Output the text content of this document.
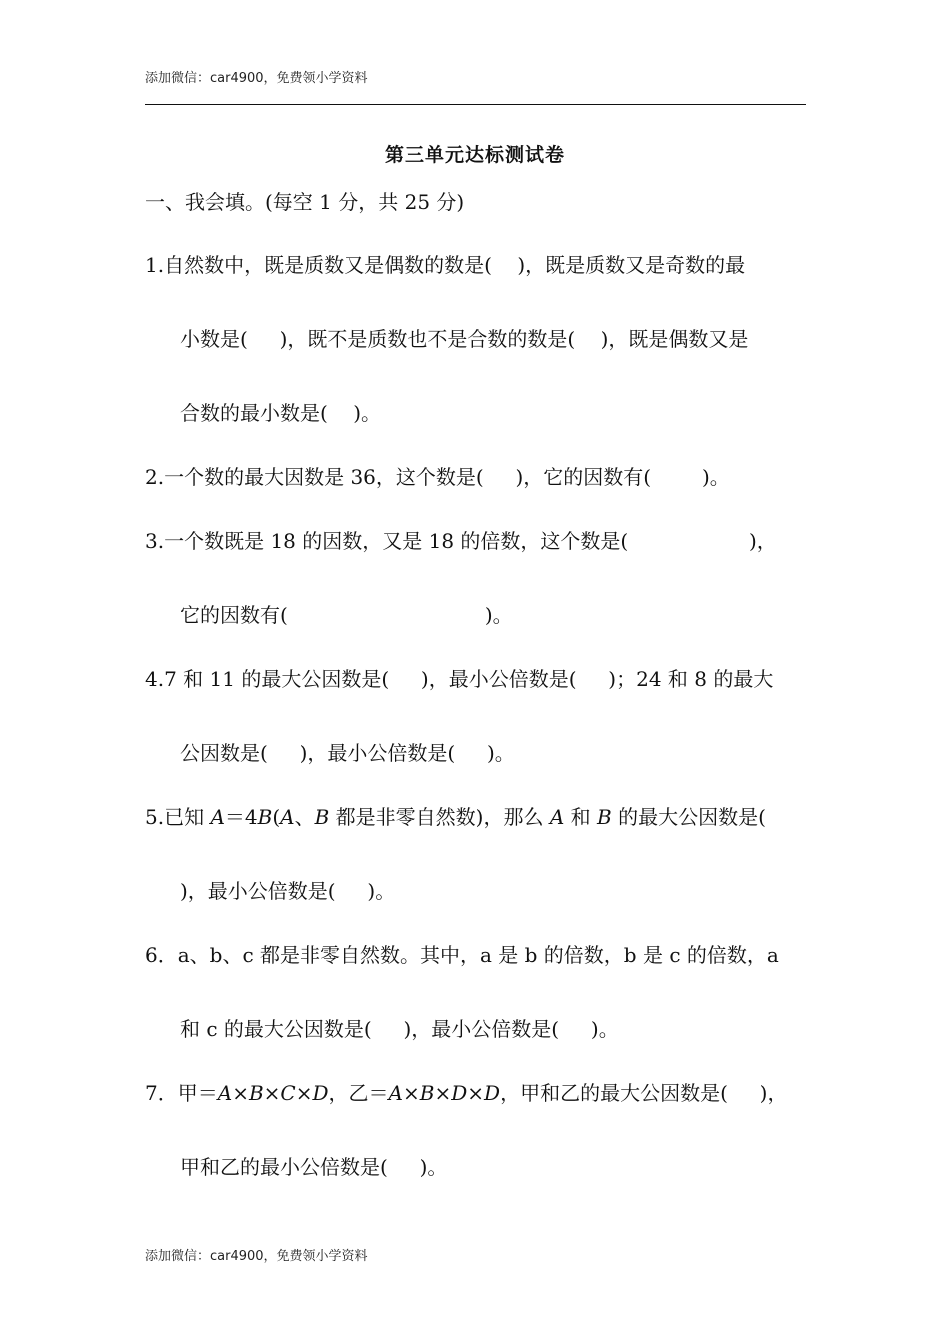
添加微信：car4900，免费领小学资料
第三单元达标测试卷
一、我会填。(每空 1 分，共 25 分)
1.自然数中，既是质数又是偶数的数是(    )，既是质数又是奇数的最
小数是(     )，既不是质数也不是合数的数是(    )，既是偶数又是
合数的最小数是(    )。
2.一个数的最大因数是 36，这个数是(     )，它的因数有(        )。
3.一个数既是 18 的因数，又是 18 的倍数，这个数是(                   )，
它的因数有(                               )。
4.7 和 11 的最大公因数是(     )，最小公倍数是(     )；24 和 8 的最大
公因数是(     )，最小公倍数是(     )。
5.已知 A＝4B(A、B 都是非零自然数)，那么 A 和 B 的最大公因数是(
)，最小公倍数是(     )。
6．a、b、c 都是非零自然数。其中，a 是 b 的倍数，b 是 c 的倍数，a
和 c 的最大公因数是(     )，最小公倍数是(     )。
7．甲＝A×B×C×D，乙＝A×B×D×D，甲和乙的最大公因数是(     )，
甲和乙的最小公倍数是(     )。
添加微信：car4900，免费领小学资料
